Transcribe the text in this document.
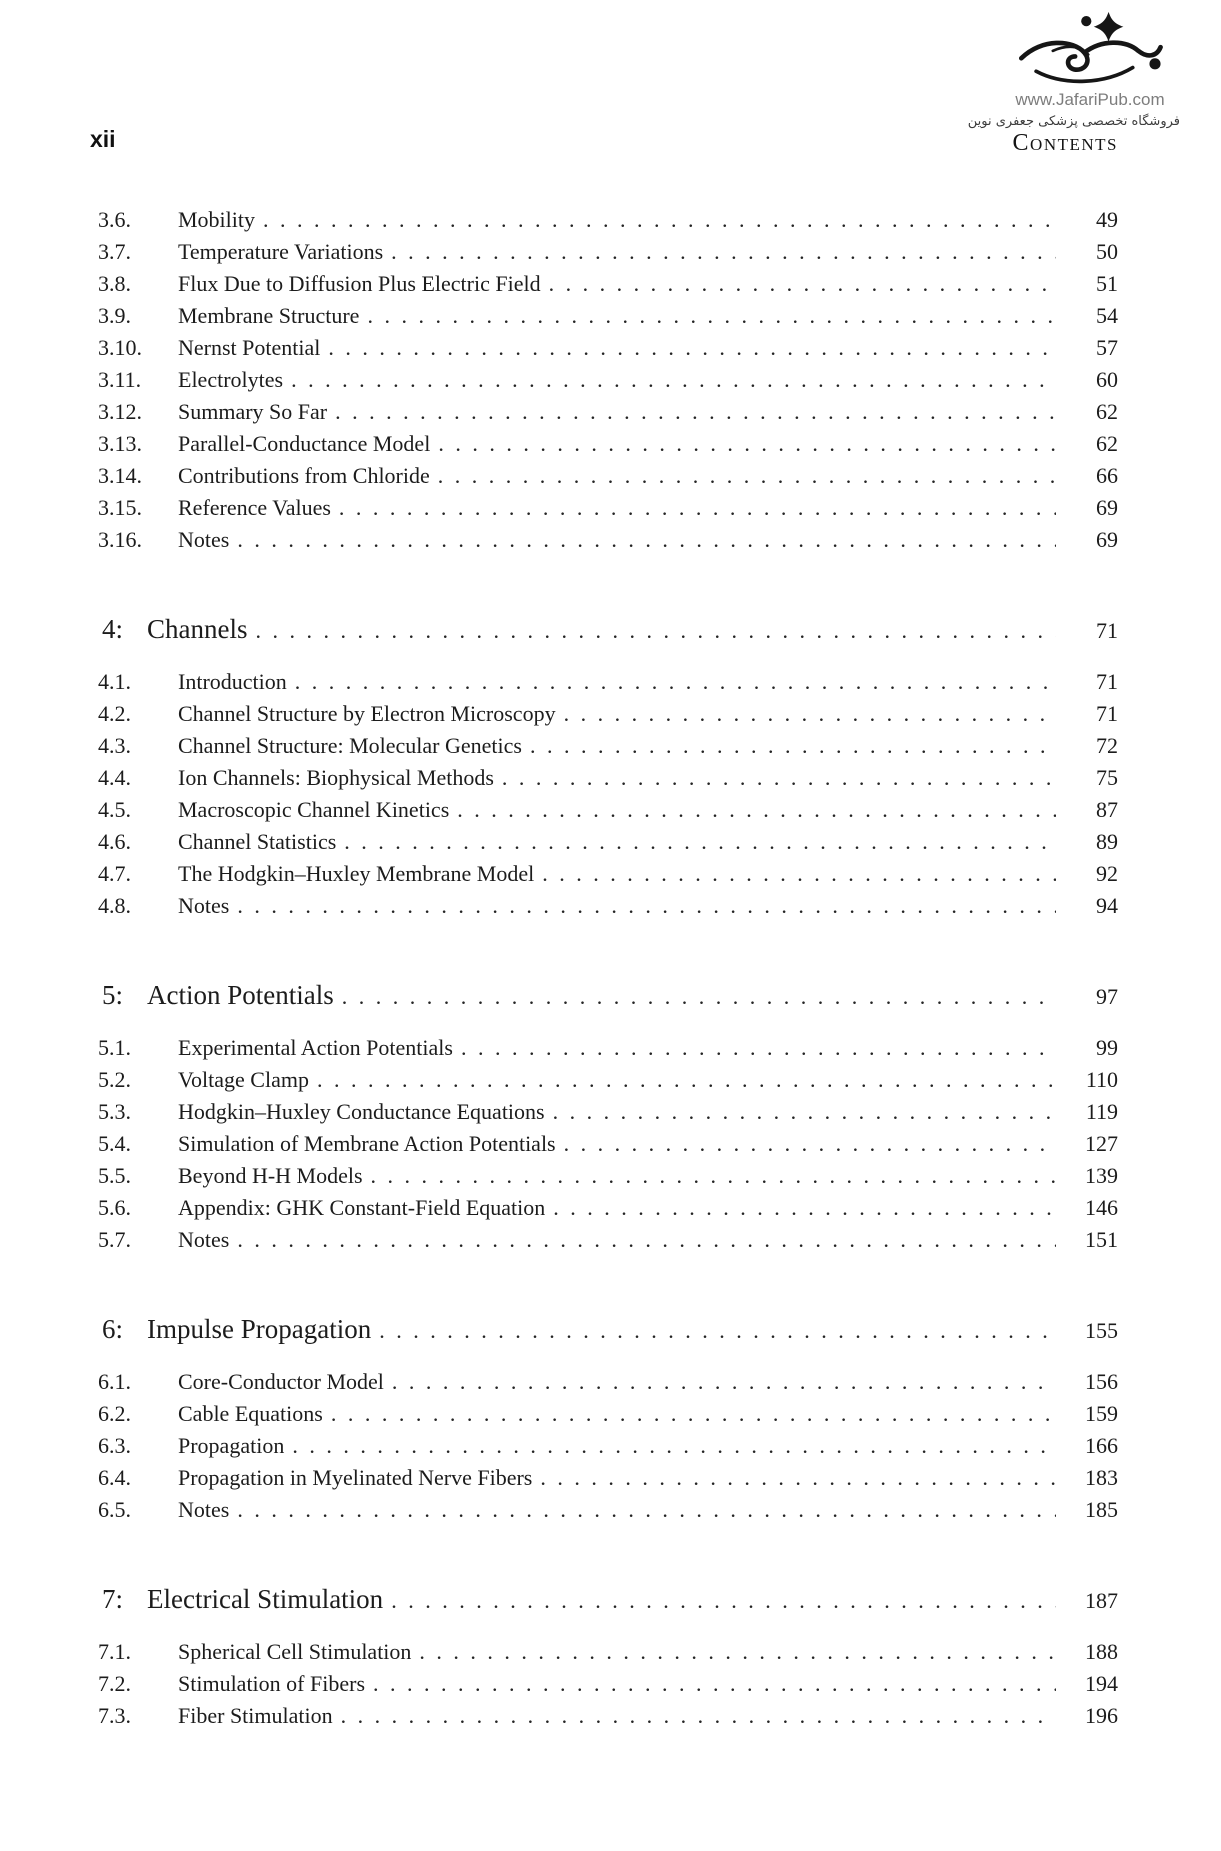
xii
www.JafariPub.com
فروشگاه تخصصی پزشکی جعفری نوین
Contents
3.6.	Mobility . . .	49
3.7.	Temperature Variations . . .	50
3.8.	Flux Due to Diffusion Plus Electric Field . . .	51
3.9.	Membrane Structure . . .	54
3.10.	Nernst Potential . . .	57
3.11.	Electrolytes . . .	60
3.12.	Summary So Far . . .	62
3.13.	Parallel-Conductance Model . . .	62
3.14.	Contributions from Chloride . . .	66
3.15.	Reference Values . . .	69
3.16.	Notes . . .	69
4: Channels . . .	71
4.1.	Introduction . . .	71
4.2.	Channel Structure by Electron Microscopy . . .	71
4.3.	Channel Structure: Molecular Genetics . . .	72
4.4.	Ion Channels: Biophysical Methods . . .	75
4.5.	Macroscopic Channel Kinetics . . .	87
4.6.	Channel Statistics . . .	89
4.7.	The Hodgkin–Huxley Membrane Model . . .	92
4.8.	Notes . . .	94
5: Action Potentials . . .	97
5.1.	Experimental Action Potentials . . .	99
5.2.	Voltage Clamp . . .	110
5.3.	Hodgkin–Huxley Conductance Equations . . .	119
5.4.	Simulation of Membrane Action Potentials . . .	127
5.5.	Beyond H-H Models . . .	139
5.6.	Appendix: GHK Constant-Field Equation . . .	146
5.7.	Notes . . .	151
6: Impulse Propagation . . .	155
6.1.	Core-Conductor Model . . .	156
6.2.	Cable Equations . . .	159
6.3.	Propagation . . .	166
6.4.	Propagation in Myelinated Nerve Fibers . . .	183
6.5.	Notes . . .	185
7: Electrical Stimulation . . .	187
7.1.	Spherical Cell Stimulation . . .	188
7.2.	Stimulation of Fibers . . .	194
7.3.	Fiber Stimulation . . .	196
